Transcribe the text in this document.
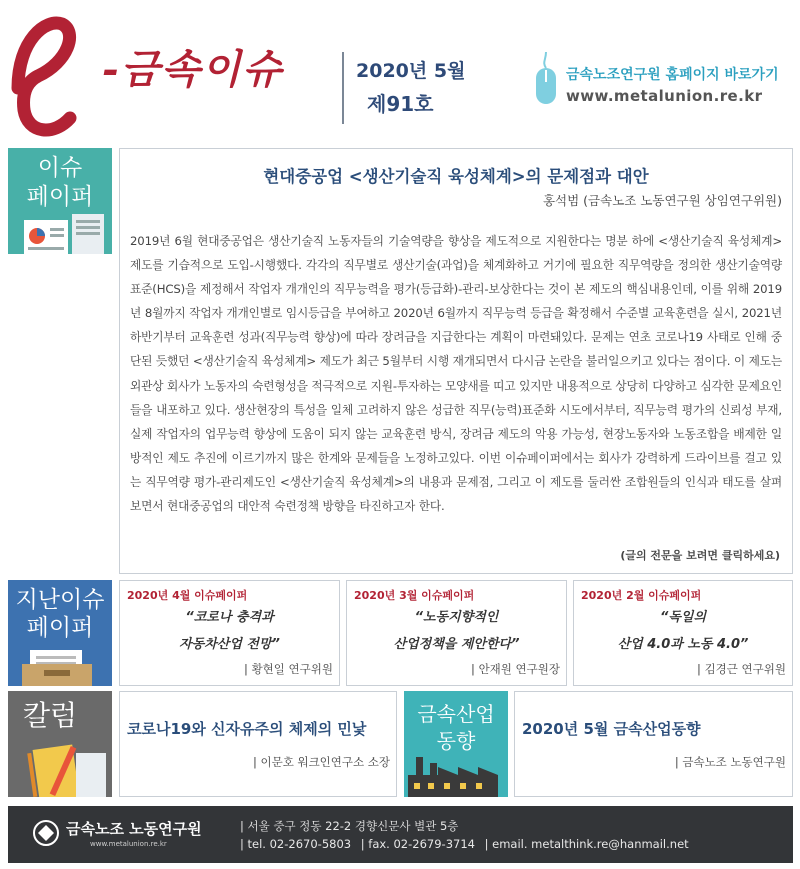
-금속이슈	2020년 5월
제91호
금속노조연구원 홈페이지 바로가기
www.metalunion.re.kr
이슈
페이퍼
현대중공업 <생산기술직 육성체계>의 문제점과 대안
홍석범 (금속노조 노동연구원 상임연구위원)
2019년 6월 현대중공업은 생산기술직 노동자들의 기술역량을 향상을 제도적으로 지원한다는 명분 하에 <생산기술직 육성체계> 제도를 기습적으로 도입-시행했다. 각각의 직무별로 생산기술(과업)을 체계화하고 거기에 필요한 직무역량을 정의한 생산기술역량표준(HCS)을 제정해서 작업자 개개인의 직무능력을 평가(등급화)-관리-보상한다는 것이 본 제도의 핵심내용인데, 이를 위해 2019년 8월까지 작업자 개개인별로 임시등급을 부여하고 2020년 6월까지 직무능력 등급을 확정해서 수준별 교육훈련을 실시, 2021년 하반기부터 교육훈련 성과(직무능력 향상)에 따라 장려금을 지급한다는 계획이 마련돼있다. 문제는 연초 코로나19 사태로 인해 중단된 듯했던 <생산기술직 육성체계> 제도가 최근 5월부터 시행 재개되면서 다시금 논란을 불러일으키고 있다는 점이다. 이 제도는 외관상 회사가 노동자의 숙련형성을 적극적으로 지원-투자하는 모양새를 띠고 있지만 내용적으로 상당히 다양하고 심각한 문제요인들을 내포하고 있다. 생산현장의 특성을 일체 고려하지 않은 성급한 직무(능력)표준화 시도에서부터, 직무능력 평가의 신뢰성 부재, 실제 작업자의 업무능력 향상에 도움이 되지 않는 교육훈련 방식, 장려금 제도의 악용 가능성, 현장노동자와 노동조합을 배제한 일방적인 제도 추진에 이르기까지 많은 한계와 문제들을 노정하고있다. 이번 이슈페이퍼에서는 회사가 강력하게 드라이브를 걸고 있는 직무역량 평가-관리제도인 <생산기술직 육성체계>의 내용과 문제점, 그리고 이 제도를 둘러싼 조합원들의 인식과 태도를 살펴보면서 현대중공업의 대안적 숙련정책 방향을 타진하고자 한다.
(글의 전문을 보려면 클릭하세요)
지난이슈
페이퍼
2020년 4월 이슈페이퍼
“코로나 충격과
자동차산업 전망”
| 황현일 연구위원
2020년 3월 이슈페이퍼
“노동지향적인
산업정책을 제안한다”
| 안재원 연구원장
2020년 2월 이슈페이퍼
“독일의
산업 4.0과 노동 4.0”
| 김경근 연구위원
칼럼	코로나19와 신자유주의 체제의 민낯
| 이문호 워크인연구소 소장
금속산업
동향	2020년 5월 금속산업동향
| 금속노조 노동연구원
금속노조 노동연구원
www.metalunion.re.kr
| 서울 중구 정동 22-2 경향신문사 별관 5층
| tel. 02-2670-5803 | fax. 02-2679-3714 | email. metalthink.re@hanmail.net
